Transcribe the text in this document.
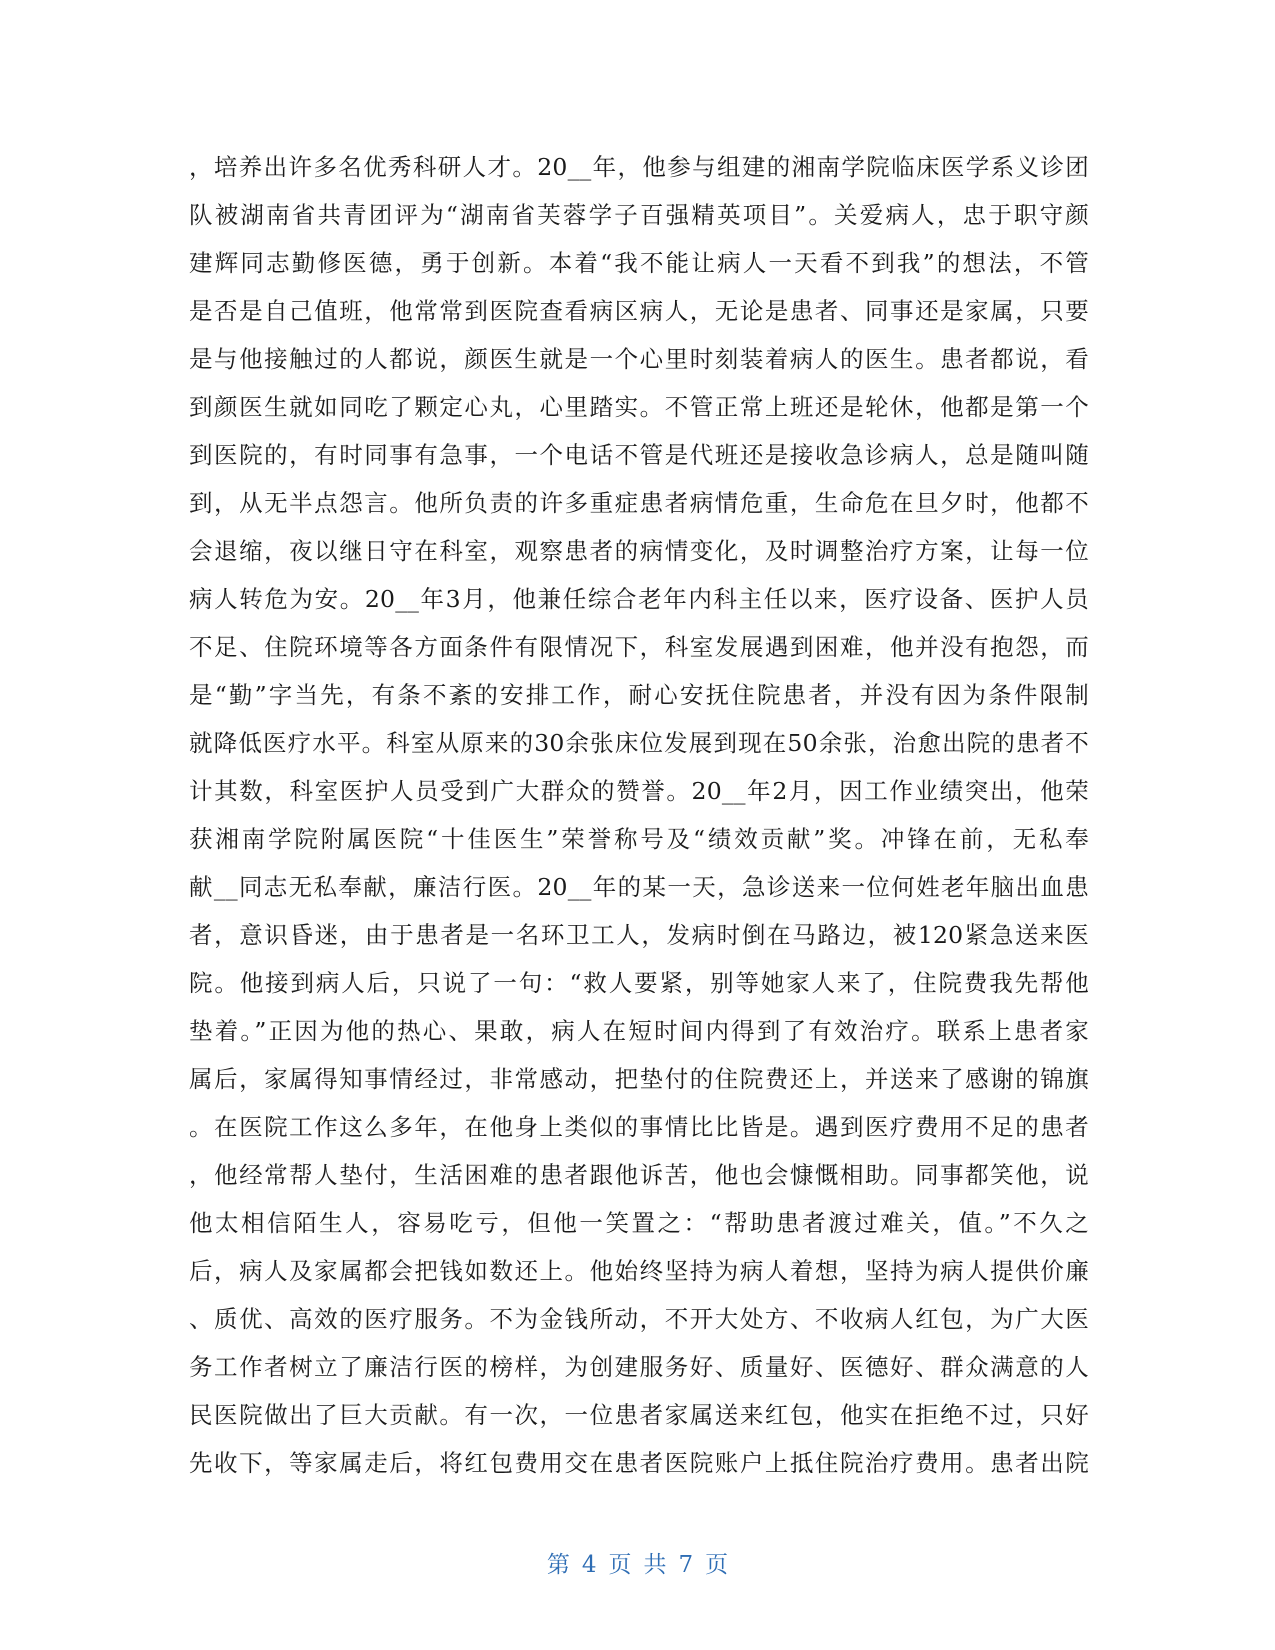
，培养出许多名优秀科研人才。20__年，他参与组建的湘南学院临床医学系义诊团
队被湖南省共青团评为“湖南省芙蓉学子百强精英项目”。关爱病人，忠于职守颜
建辉同志勤修医德，勇于创新。本着“我不能让病人一天看不到我”的想法，不管
是否是自己值班，他常常到医院查看病区病人，无论是患者、同事还是家属，只要
是与他接触过的人都说，颜医生就是一个心里时刻装着病人的医生。患者都说，看
到颜医生就如同吃了颗定心丸，心里踏实。不管正常上班还是轮休，他都是第一个
到医院的，有时同事有急事，一个电话不管是代班还是接收急诊病人，总是随叫随
到，从无半点怨言。他所负责的许多重症患者病情危重，生命危在旦夕时，他都不
会退缩，夜以继日守在科室，观察患者的病情变化，及时调整治疗方案，让每一位
病人转危为安。20__年3月，他兼任综合老年内科主任以来，医疗设备、医护人员
不足、住院环境等各方面条件有限情况下，科室发展遇到困难，他并没有抱怨，而
是“勤”字当先，有条不紊的安排工作，耐心安抚住院患者，并没有因为条件限制
就降低医疗水平。科室从原来的30余张床位发展到现在50余张，治愈出院的患者不
计其数，科室医护人员受到广大群众的赞誉。20__年2月，因工作业绩突出，他荣
获湘南学院附属医院“十佳医生”荣誉称号及“绩效贡献”奖。冲锋在前，无私奉
献__同志无私奉献，廉洁行医。20__年的某一天，急诊送来一位何姓老年脑出血患
者，意识昏迷，由于患者是一名环卫工人，发病时倒在马路边，被120紧急送来医
院。他接到病人后，只说了一句：“救人要紧，别等她家人来了，住院费我先帮他
垫着。”正因为他的热心、果敢，病人在短时间内得到了有效治疗。联系上患者家
属后，家属得知事情经过，非常感动，把垫付的住院费还上，并送来了感谢的锦旗
。在医院工作这么多年，在他身上类似的事情比比皆是。遇到医疗费用不足的患者
，他经常帮人垫付，生活困难的患者跟他诉苦，他也会慷慨相助。同事都笑他，说
他太相信陌生人，容易吃亏，但他一笑置之：“帮助患者渡过难关，值。”不久之
后，病人及家属都会把钱如数还上。他始终坚持为病人着想，坚持为病人提供价廉
、质优、高效的医疗服务。不为金钱所动，不开大处方、不收病人红包，为广大医
务工作者树立了廉洁行医的榜样，为创建服务好、质量好、医德好、群众满意的人
民医院做出了巨大贡献。有一次，一位患者家属送来红包，他实在拒绝不过，只好
先收下，等家属走后，将红包费用交在患者医院账户上抵住院治疗费用。患者出院
第 4 页 共 7 页
